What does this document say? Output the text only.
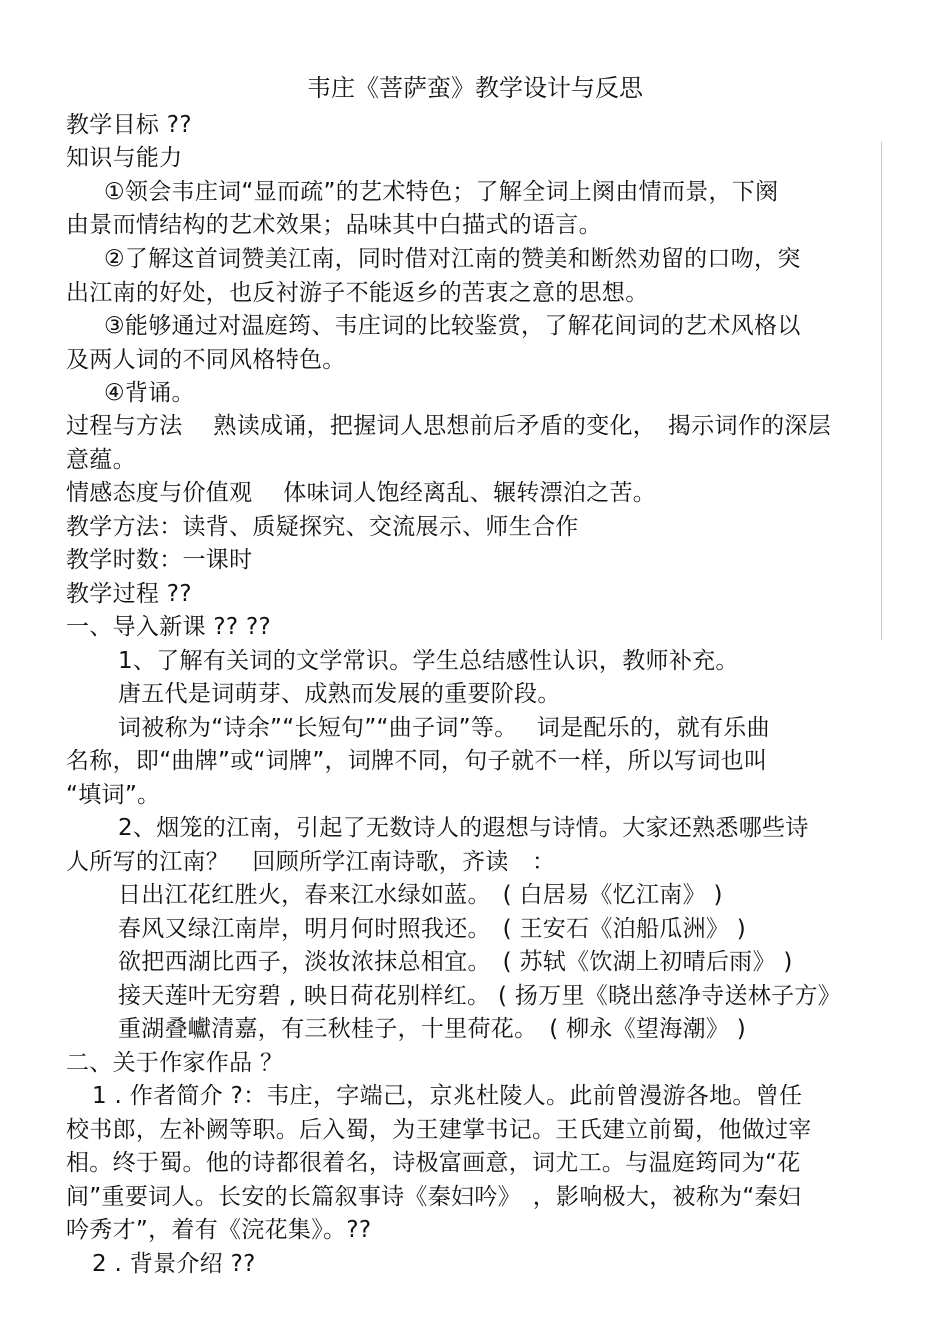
韦庄《菩萨蛮》教学设计与反思
教学目标 ??
知识与能力
①领会韦庄词“显而疏”的艺术特色；了解全词上阕由情而景，下阕
由景而情结构的艺术效果；品味其中白描式的语言。
②了解这首词赞美江南，同时借对江南的赞美和断然劝留的口吻，突
出江南的好处，也反衬游子不能返乡的苦衷之意的思想。
③能够通过对温庭筠、韦庄词的比较鉴赏，了解花间词的艺术风格以
及两人词的不同风格特色。
④背诵。
过程与方法　 熟读成诵，把握词人思想前后矛盾的变化，　揭示词作的深层
意蕴。
情感态度与价值观　 体味词人饱经离乱、辗转漂泊之苦。
教学方法：读背、质疑探究、交流展示、师生合作
教学时数：一课时
教学过程 ??
一、导入新课 ?? ??
1、了解有关词的文学常识。学生总结感性认识，教师补充。
唐五代是词萌芽、成熟而发展的重要阶段。
词被称为“诗余”“长短句”“曲子词”等。　 词是配乐的，就有乐曲
名称，即“曲牌”或“词牌”，词牌不同，句子就不一样，所以写词也叫
“填词”。
2、烟笼的江南，引起了无数诗人的遐想与诗情。大家还熟悉哪些诗
人所写的江南？　回顾所学江南诗歌，齐读　：
日出江花红胜火，春来江水绿如蓝。　( 白居易《忆江南》 )
春风又绿江南岸，明月何时照我还。　( 王安石《泊船瓜洲》 )
欲把西湖比西子，淡妆浓抹总相宜。　( 苏轼《饮湖上初晴后雨》 )
接天莲叶无穷碧 , 映日荷花别样红。 ( 扬万里《晓出慈净寺送林子方》
重湖叠巘清嘉，有三秋桂子，十里荷花。　( 柳永《望海潮》 )
二、关于作家作品 ？
1 . 作者简介 ?：韦庄，字端己，京兆杜陵人。此前曾漫游各地。曾任
校书郎，左补阙等职。后入蜀，为王建掌书记。王氏建立前蜀，他做过宰
相。终于蜀。他的诗都很着名，诗极富画意，词尤工。与温庭筠同为“花
间”重要词人。长安的长篇叙事诗《秦妇吟》　，影响极大，被称为“秦妇
吟秀才”，着有《浣花集》。??
2 . 背景介绍 ??
